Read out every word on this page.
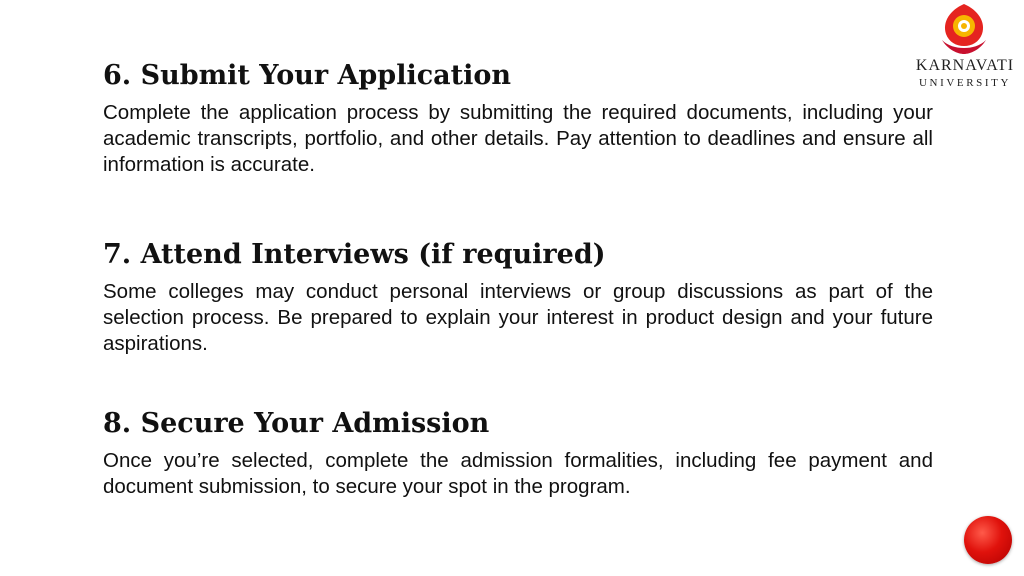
KARNAVATI
UNIVERSITY
6. Submit Your Application

Complete the application process by submitting the required documents, including your academic transcripts, portfolio, and other details. Pay attention to deadlines and ensure all information is accurate.

7. Attend Interviews (if required)

Some colleges may conduct personal interviews or group discussions as part of the selection process. Be prepared to explain your interest in product design and your future aspirations.

8. Secure Your Admission

Once you’re selected, complete the admission formalities, including fee payment and document submission, to secure your spot in the program.
